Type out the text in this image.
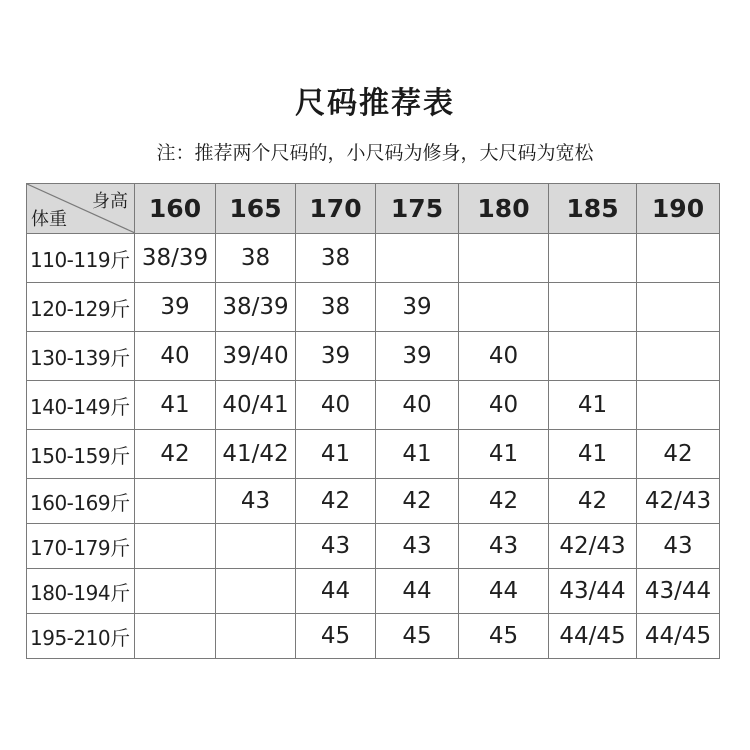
尺码推荐表
注：推荐两个尺码的，小尺码为修身，大尺码为宽松
身高
体重	160	165	170	175	180	185	190
110-119斤	38/39	38	38				
120-129斤	39	38/39	38	39			
130-139斤	40	39/40	39	39	40		
140-149斤	41	40/41	40	40	40	41	
150-159斤	42	41/42	41	41	41	41	42
160-169斤		43	42	42	42	42	42/43
170-179斤			43	43	43	42/43	43
180-194斤			44	44	44	43/44	43/44
195-210斤			45	45	45	44/45	44/45
